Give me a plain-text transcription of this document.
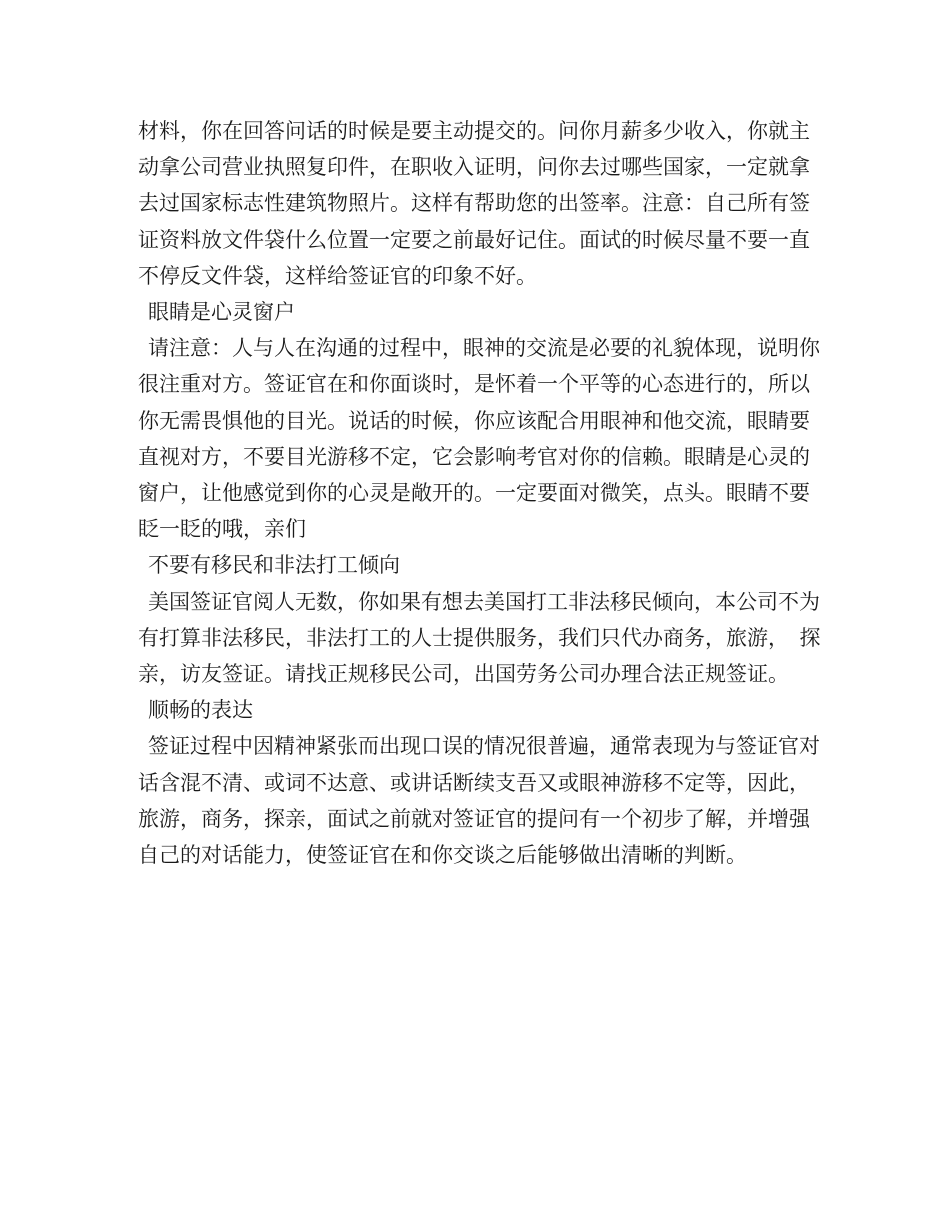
材料，你在回答问话的时候是要主动提交的。问你月薪多少收入，你就主动拿公司营业执照复印件，在职收入证明，问你去过哪些国家，一定就拿去过国家标志性建筑物照片。这样有帮助您的出签率。注意：自己所有签证资料放文件袋什么位置一定要之前最好记住。面试的时候尽量不要一直不停反文件袋，这样给签证官的印象不好。

眼睛是心灵窗户

请注意：人与人在沟通的过程中，眼神的交流是必要的礼貌体现，说明你很注重对方。签证官在和你面谈时，是怀着一个平等的心态进行的，所以你无需畏惧他的目光。说话的时候，你应该配合用眼神和他交流，眼睛要直视对方，不要目光游移不定，它会影响考官对你的信赖。眼睛是心灵的窗户，让他感觉到你的心灵是敞开的。一定要面对微笑，点头。眼睛不要眨一眨的哦，亲们

不要有移民和非法打工倾向

美国签证官阅人无数，你如果有想去美国打工非法移民倾向，本公司不为有打算非法移民，非法打工的人士提供服务，我们只代办商务，旅游，　探亲，访友签证。请找正规移民公司，出国劳务公司办理合法正规签证。

顺畅的表达

签证过程中因精神紧张而出现口误的情况很普遍，通常表现为与签证官对话含混不清、或词不达意、或讲话断续支吾又或眼神游移不定等，因此，旅游，商务，探亲，面试之前就对签证官的提问有一个初步了解，并增强自己的对话能力，使签证官在和你交谈之后能够做出清晰的判断。
